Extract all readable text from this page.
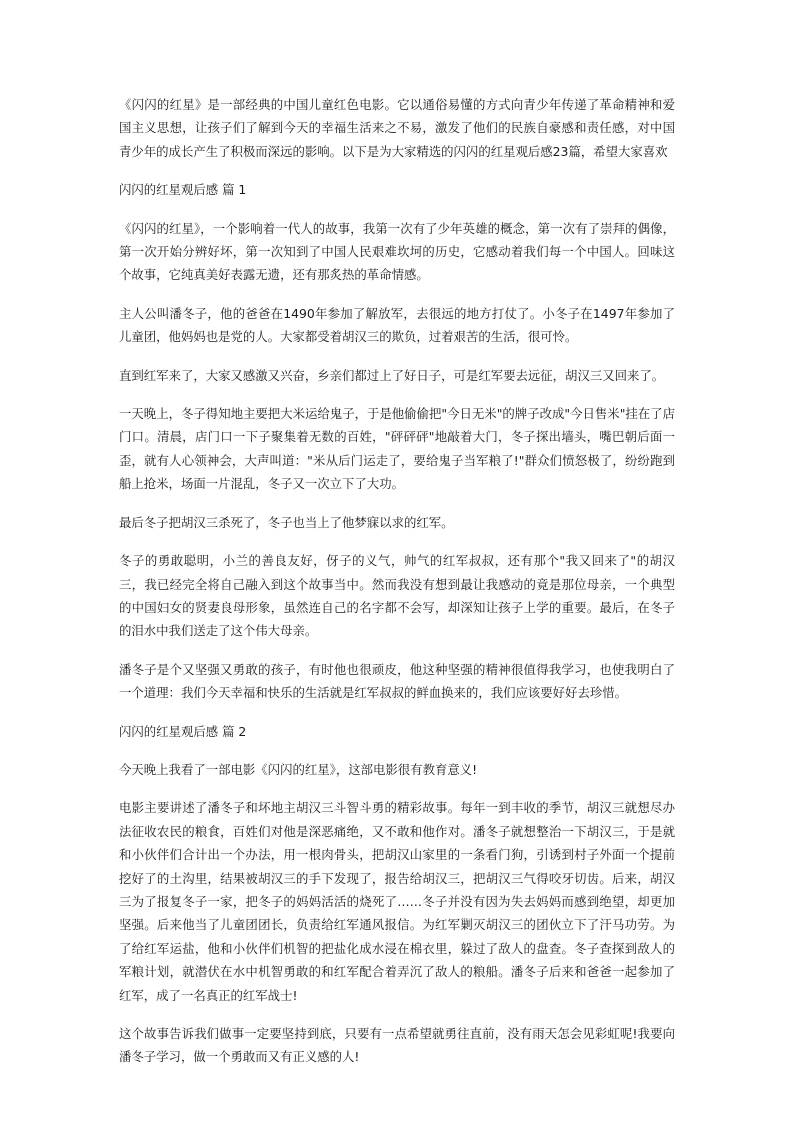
《闪闪的红星》是一部经典的中国儿童红色电影。它以通俗易懂的方式向青少年传递了革命精神和爱国主义思想，让孩子们了解到今天的幸福生活来之不易，激发了他们的民族自豪感和责任感，对中国青少年的成长产生了积极而深远的影响。以下是为大家精选的闪闪的红星观后感23篇，希望大家喜欢

闪闪的红星观后感 篇 1

《闪闪的红星》，一个影响着一代人的故事，我第一次有了少年英雄的概念，第一次有了崇拜的偶像，第一次开始分辨好坏，第一次知到了中国人民艰难坎坷的历史，它感动着我们每一个中国人。回味这个故事，它纯真美好表露无遗，还有那炙热的革命情感。

主人公叫潘冬子，他的爸爸在1490年参加了解放军，去很远的地方打仗了。小冬子在1497年参加了儿童团，他妈妈也是党的人。大家都受着胡汉三的欺负，过着艰苦的生活，很可怜。

直到红军来了，大家又感激又兴奋，乡亲们都过上了好日子，可是红军要去远征，胡汉三又回来了。

一天晚上，冬子得知地主要把大米运给鬼子，于是他偷偷把"今日无米"的牌子改成"今日售米"挂在了店门口。清晨，店门口一下子聚集着无数的百姓，"砰砰砰"地敲着大门，冬子探出墙头，嘴巴朝后面一歪，就有人心领神会，大声叫道："米从后门运走了，要给鬼子当军粮了!"群众们愤怒极了，纷纷跑到船上抢米，场面一片混乱，冬子又一次立下了大功。

最后冬子把胡汉三杀死了，冬子也当上了他梦寐以求的红军。

冬子的勇敢聪明，小兰的善良友好，伢子的义气，帅气的红军叔叔，还有那个"我又回来了"的胡汉三，我已经完全将自己融入到这个故事当中。然而我没有想到最让我感动的竟是那位母亲，一个典型的中国妇女的贤妻良母形象，虽然连自己的名字都不会写，却深知让孩子上学的重要。最后，在冬子的泪水中我们送走了这个伟大母亲。

潘冬子是个又坚强又勇敢的孩子，有时他也很顽皮，他这种坚强的精神很值得我学习，也使我明白了一个道理：我们今天幸福和快乐的生活就是红军叔叔的鲜血换来的，我们应该要好好去珍惜。

闪闪的红星观后感 篇 2

今天晚上我看了一部电影《闪闪的红星》，这部电影很有教育意义!

电影主要讲述了潘冬子和坏地主胡汉三斗智斗勇的精彩故事。每年一到丰收的季节，胡汉三就想尽办法征收农民的粮食，百姓们对他是深恶痛绝，又不敢和他作对。潘冬子就想整治一下胡汉三，于是就和小伙伴们合计出一个办法，用一根肉骨头，把胡汉山家里的一条看门狗，引诱到村子外面一个提前挖好了的土沟里，结果被胡汉三的手下发现了，报告给胡汉三，把胡汉三气得咬牙切齿。后来，胡汉三为了报复冬子一家，把冬子的妈妈活活的烧死了……冬子并没有因为失去妈妈而感到绝望，却更加坚强。后来他当了儿童团团长，负责给红军通风报信。为红军剿灭胡汉三的团伙立下了汗马功劳。为了给红军运盐，他和小伙伴们机智的把盐化成水浸在棉衣里，躲过了敌人的盘查。冬子查探到敌人的军粮计划，就潜伏在水中机智勇敢的和红军配合着弄沉了敌人的粮船。潘冬子后来和爸爸一起参加了红军，成了一名真正的红军战士!

这个故事告诉我们做事一定要坚持到底，只要有一点希望就勇往直前，没有雨天怎会见彩虹呢!我要向潘冬子学习，做一个勇敢而又有正义感的人!
